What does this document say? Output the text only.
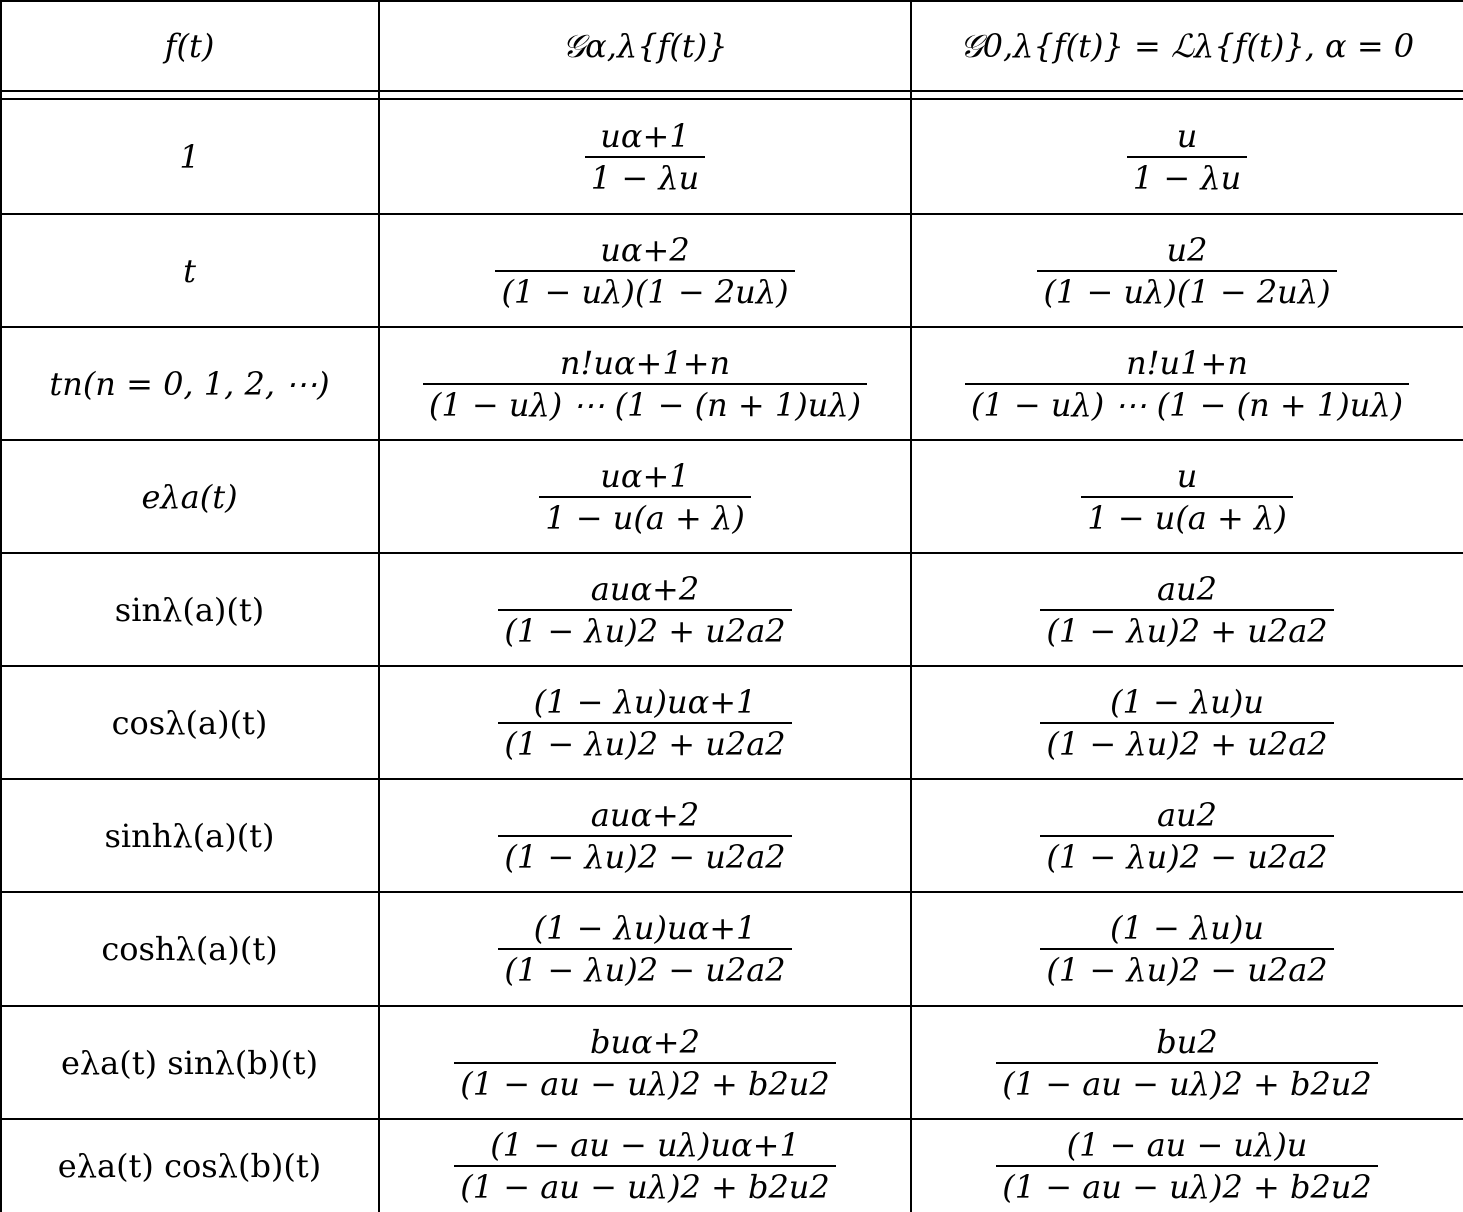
f(t)	𝒢α,λ{f(t)}	𝒢0,λ{f(t)} = ℒλ{f(t)}, α = 0
1	$\frac{u\alpha+1}{1 - \lambda u}$	$\frac{u}{1 - \lambda u}$
t	$\frac{u\alpha+2}{(1 - u\lambda)(1 - 2u\lambda)}$	$\frac{u2}{(1 - u\lambda)(1 - 2u\lambda)}$
tn(n = 0, 1, 2, ⋯)	$\frac{n!u\alpha+1+n}{(1 - u\lambda) \cdots (1 - (n + 1)u\lambda)}$	$\frac{n!u1+n}{(1 - u\lambda) \cdots (1 - (n + 1)u\lambda)}$
eλa(t)	$\frac{u\alpha+1}{1 - u(a + \lambda)}$	$\frac{u}{1 - u(a + \lambda)}$
sinλ(a)(t)	$\frac{\text{auα+2}}{(1 - \lambda u)2 + u2a2}$	$\frac{au2}{(1 - \lambda u)2 + u2a2}$
cosλ(a)(t)	$\frac{(1 - \lambda u)u\alpha+1}{(1 - \lambda u)2 + u2a2}$	$\frac{(1 - \lambda u)u}{(1 - \lambda u)2 + u2a2}$
sinhλ(a)(t)	$\frac{\text{auα+2}}{(1 - \lambda u)2 - u2a2}$	$\frac{au2}{(1 - \lambda u)2 - u2a2}$
coshλ(a)(t)	$\frac{(1 - \lambda u)u\alpha+1}{(1 - \lambda u)2 - u2a2}$	$\frac{(1 - \lambda u)u}{(1 - \lambda u)2 - u2a2}$
eλa(t) sinλ(b)(t)	$\frac{\text{buα+2}}{(1 - au - u\lambda)2 + b2u2}$	$\frac{bu2}{(1 - au - u\lambda)2 + b2u2}$
eλa(t) cosλ(b)(t)	$\frac{(1 - au - u\lambda)u\alpha+1}{(1 - au - u\lambda)2 + b2u2}$	$\frac{(1 - au - u\lambda)u}{(1 - au - u\lambda)2 + b2u2}$
